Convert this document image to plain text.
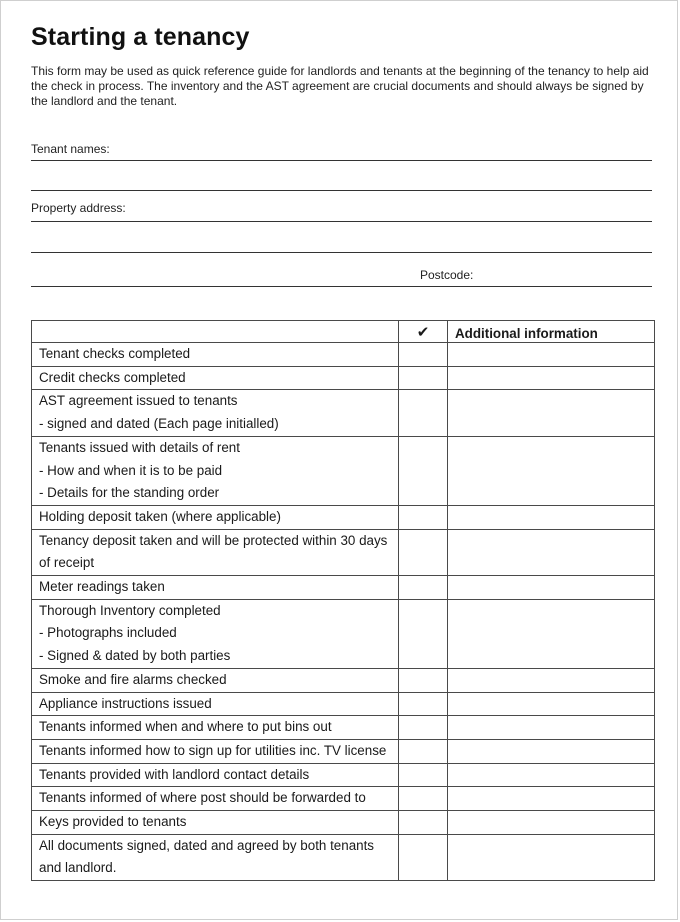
Starting a tenancy
This form may be used as quick reference guide for landlords and tenants at the beginning of the tenancy to help aid the check in process. The inventory and the AST agreement are crucial documents and should always be signed by the landlord and the tenant.
Tenant names:
Property address:
Postcode:
	✔	Additional information

Tenant checks completed		

Credit checks completed		

AST agreement issued to tenants
- signed and dated (Each page initialled)		

Tenants issued with details of rent
- How and when it is to be paid
- Details for the standing order		

Holding deposit taken (where applicable)		

Tenancy deposit taken and will be protected within 30 days
of receipt		

Meter readings taken		

Thorough Inventory completed
- Photographs included
- Signed & dated by both parties		

Smoke and fire alarms checked		

Appliance instructions issued		

Tenants informed when and where to put bins out		

Tenants informed how to sign up for utilities inc. TV license		

Tenants provided with landlord contact details		

Tenants informed of where post should be forwarded to		

Keys provided to tenants		

All documents signed, dated and agreed by both tenants
and landlord.		
